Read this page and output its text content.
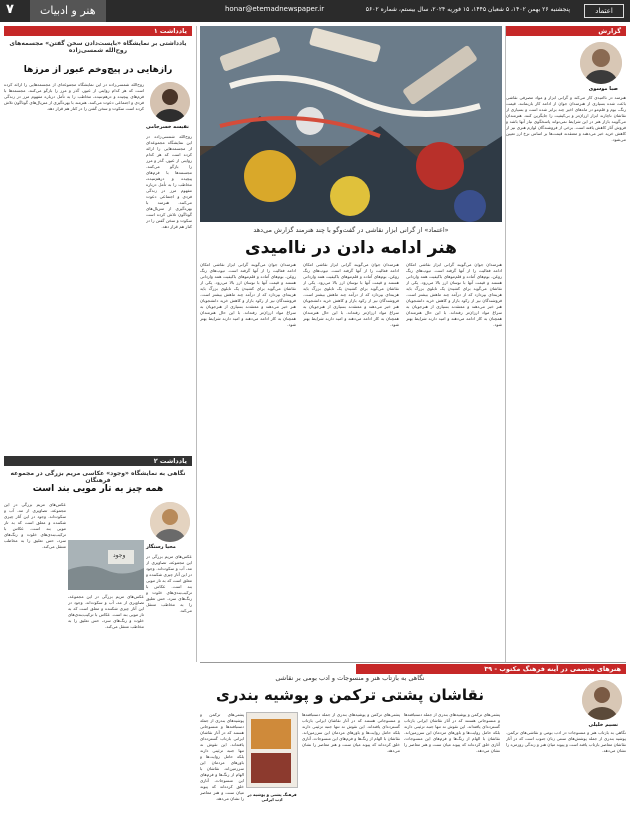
۷	هنر و ادبیات	honar@etemadnewspaper.ir	پنجشنبه ۲۶ بهمن ۱۴۰۲، ۵ شعبان ۱۴۴۵، ۱۵ فوریه ۲۰۲۴، سال بیستم، شماره ۵۶۰۲	اعتماد
گزارش
صبا موسوی
هنرمند در ناامیدی کار می‌کند و گرانی ابزار و مواد مصرفی نقاشی باعث شده بسیاری از هنرمندان جوان از ادامه کار بازبمانند. قیمت رنگ، بوم و قلم‌مو در ماه‌های اخیر چند برابر شده است و بسیاری از نقاشان ناچارند ابزار ارزان‌تر و بی‌کیفیت را جایگزین کنند. هنرمندان می‌گویند بازار هنر در این شرایط نمی‌تواند پاسخگوی نیاز آنها باشد و فروش آثار کاهش یافته است. برخی از فروشندگان لوازم هنری نیز از کاهش خرید خبر می‌دهند و معتقدند قیمت‌ها بر اساس نرخ ارز تعیین می‌شود.
هنرهای تجسمی در آینه فرهنگ مکتوب - ۳۹
نسیم خلیلی
نگاهی به بازتاب هنر و منسوجات در ادب بومی و نقاشی‌های ترکمن. پوشیه بندری از جمله پوشش‌های سنتی زنان جنوب است که در آثار نقاشان معاصر بازتاب یافته است و پیوند میان هنر و زندگی روزمره را نشان می‌دهد.
«اعتماد» از گرانی ابزار نقاشی در گفت‌وگو با چند هنرمند گزارش می‌دهد
هنر ادامه دادن در ناامیدی
هنرمندان جوان می‌گویند گرانی ابزار نقاشی امکان ادامه فعالیت را از آنها گرفته است. تیوب‌های رنگ روغن، بوم‌های آماده و قلم‌موهای باکیفیت همه وارداتی هستند و قیمت آنها با نوسان ارز بالا می‌رود. یکی از نقاشان می‌گوید برای کشیدن یک تابلوی بزرگ باید هزینه‌ای بپردازد که از درآمد چند ماهش بیشتر است. فروشندگان نیز از رکود بازار و کاهش خرید دانشجویان هنر خبر می‌دهند و معتقدند بسیاری از هنرجویان به سراغ مواد ارزان‌تر رفته‌اند. با این حال هنرمندان همچنان به کار ادامه می‌دهند و امید دارند شرایط بهتر شود.
هنرمندان جوان می‌گویند گرانی ابزار نقاشی امکان ادامه فعالیت را از آنها گرفته است. تیوب‌های رنگ روغن، بوم‌های آماده و قلم‌موهای باکیفیت همه وارداتی هستند و قیمت آنها با نوسان ارز بالا می‌رود. یکی از نقاشان می‌گوید برای کشیدن یک تابلوی بزرگ باید هزینه‌ای بپردازد که از درآمد چند ماهش بیشتر است. فروشندگان نیز از رکود بازار و کاهش خرید دانشجویان هنر خبر می‌دهند و معتقدند بسیاری از هنرجویان به سراغ مواد ارزان‌تر رفته‌اند. با این حال هنرمندان همچنان به کار ادامه می‌دهند و امید دارند شرایط بهتر شود.
هنرمندان جوان می‌گویند گرانی ابزار نقاشی امکان ادامه فعالیت را از آنها گرفته است. تیوب‌های رنگ روغن، بوم‌های آماده و قلم‌موهای باکیفیت همه وارداتی هستند و قیمت آنها با نوسان ارز بالا می‌رود. یکی از نقاشان می‌گوید برای کشیدن یک تابلوی بزرگ باید هزینه‌ای بپردازد که از درآمد چند ماهش بیشتر است. فروشندگان نیز از رکود بازار و کاهش خرید دانشجویان هنر خبر می‌دهند و معتقدند بسیاری از هنرجویان به سراغ مواد ارزان‌تر رفته‌اند. با این حال هنرمندان همچنان به کار ادامه می‌دهند و امید دارند شرایط بهتر شود.
یادداشت ۱
یادداشتی بر نمایشگاه «بایست‌دادن سخن گفتن» مجسمه‌های روح‌الله شمسی‌زاده
رازهایی در پیچ‌وخم عبور از مرزها
نفیسه خسرجامی
روح‌الله شمسی‌زاده در این نمایشگاه مجموعه‌ای از مجسمه‌هایی را ارائه کرده است که هر کدام روایتی از عبور، گذر و مرز را بازگو می‌کنند. مجسمه‌ها با فرم‌های پیچیده و درهم‌تنیده، مخاطب را به تأمل درباره مفهوم مرز در زندگی فردی و اجتماعی دعوت می‌کنند. هنرمند با بهره‌گیری از متریال‌های گوناگون تلاش کرده است سکوت و سخن گفتن را در کنار هم قرار دهد.
روح‌الله شمسی‌زاده در این نمایشگاه مجموعه‌ای از مجسمه‌هایی را ارائه کرده است که هر کدام روایتی از عبور، گذر و مرز را بازگو می‌کنند. مجسمه‌ها با فرم‌های پیچیده و درهم‌تنیده، مخاطب را به تأمل درباره مفهوم مرز در زندگی فردی و اجتماعی دعوت می‌کنند. هنرمند با بهره‌گیری از متریال‌های گوناگون تلاش کرده است سکوت و سخن گفتن را در کنار هم قرار دهد.
یادداشت ۲
نگاهی به نمایشگاه «وجود» عکاسی مریم بزرگی در مجموعه فرهنگان
همه چیز به تار مویی بند است
محیا رستگار
وجود
عکس‌های مریم بزرگی در این مجموعه، تصاویری از مه، آب و سکوت‌اند. وجود در این آثار چیزی شکننده و معلق است که به تار مویی بند است. عکاس با ترکیب‌بندی‌های خلوت و رنگ‌های سرد، حس تعلیق را به مخاطب منتقل می‌کند.
عکس‌های مریم بزرگی در این مجموعه، تصاویری از مه، آب و سکوت‌اند. وجود در این آثار چیزی شکننده و معلق است که به تار مویی بند است. عکاس با ترکیب‌بندی‌های خلوت و رنگ‌های سرد، حس تعلیق را به مخاطب منتقل می‌کند.
عکس‌های مریم بزرگی در این مجموعه، تصاویری از مه، آب و سکوت‌اند. وجود در این آثار چیزی شکننده و معلق است که به تار مویی بند است. عکاس با ترکیب‌بندی‌های خلوت و رنگ‌های سرد، حس تعلیق را به مخاطب منتقل می‌کند.
نگاهی به بازتاب هنر و منسوجات و ادب بومی بر نقاشی
نقاشان پشتی ترکمن و پوشیه بندری
پشتی‌های ترکمن و پوشیه‌های بندری از جمله دستبافته‌ها و منسوجاتی هستند که در آثار نقاشان ایرانی بازتاب گسترده‌ای یافته‌اند. این نقوش نه تنها جنبه تزئینی دارند بلکه حامل روایت‌ها و باورهای مردمان این سرزمین‌اند. نقاشان با الهام از رنگ‌ها و فرم‌های این منسوجات، آثاری خلق کرده‌اند که پیوند میان سنت و هنر معاصر را نشان می‌دهد.
پشتی‌های ترکمن و پوشیه‌های بندری از جمله دستبافته‌ها و منسوجاتی هستند که در آثار نقاشان ایرانی بازتاب گسترده‌ای یافته‌اند. این نقوش نه تنها جنبه تزئینی دارند بلکه حامل روایت‌ها و باورهای مردمان این سرزمین‌اند. نقاشان با الهام از رنگ‌ها و فرم‌های این منسوجات، آثاری خلق کرده‌اند که پیوند میان سنت و هنر معاصر را نشان می‌دهد.
پشتی‌های ترکمن و پوشیه‌های بندری از جمله دستبافته‌ها و منسوجاتی هستند که در آثار نقاشان ایرانی بازتاب گسترده‌ای یافته‌اند. این نقوش نه تنها جنبه تزئینی دارند بلکه حامل روایت‌ها و باورهای مردمان این سرزمین‌اند. نقاشان با الهام از رنگ‌ها و فرم‌های این منسوجات، آثاری خلق کرده‌اند که پیوند میان سنت و هنر معاصر را نشان می‌دهد.
فرهنگ پشتی و پوشیه در ادب ایرانی
